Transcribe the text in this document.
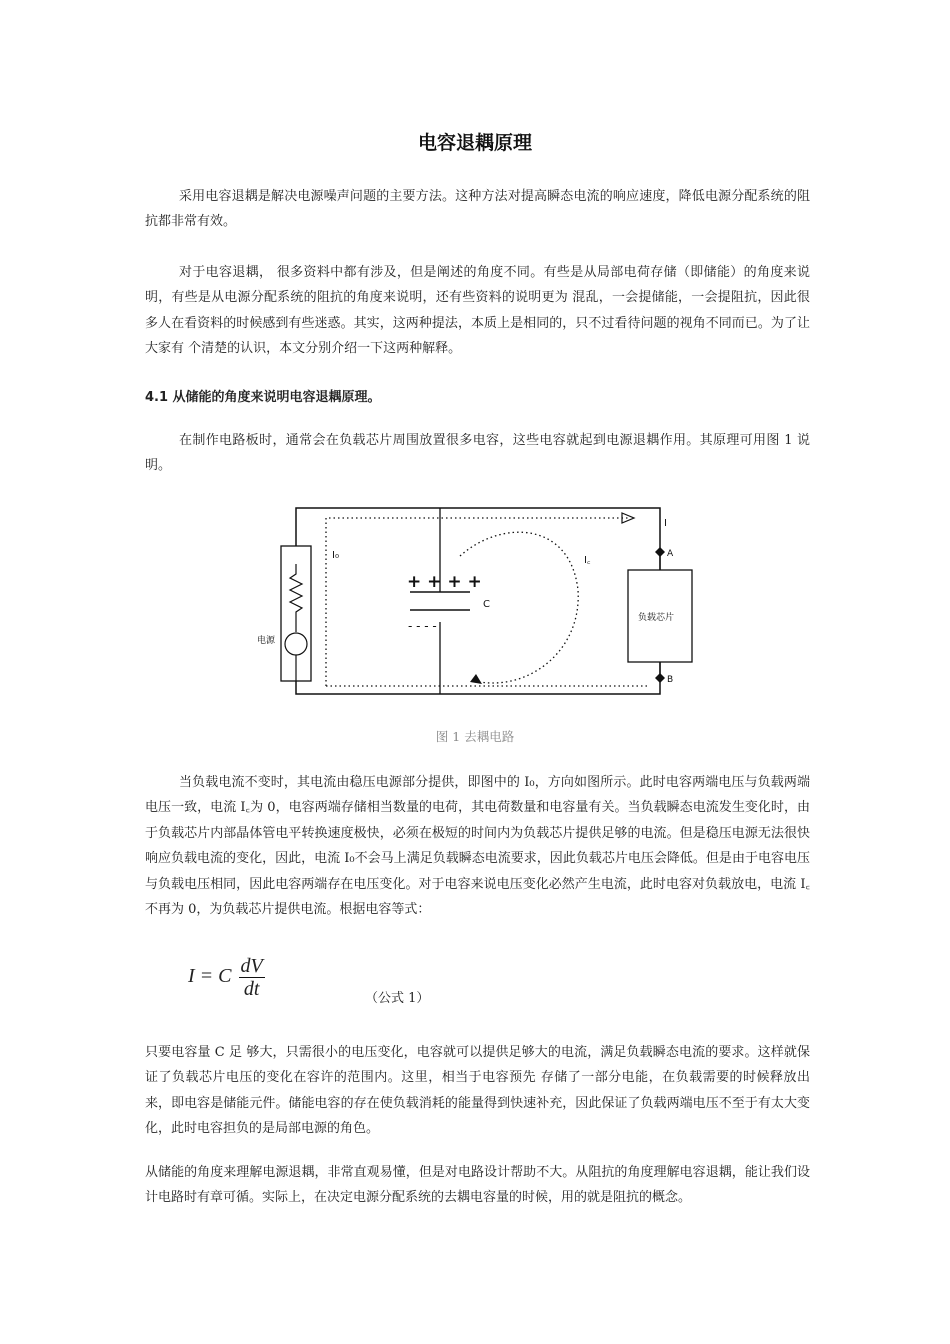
电容退耦原理

采用电容退耦是解决电源噪声问题的主要方法。这种方法对提高瞬态电流的响应速度，降低电源分配系统的阻抗都非常有效。

对于电容退耦， 很多资料中都有涉及，但是阐述的角度不同。有些是从局部电荷存储（即储能）的角度来说明，有些是从电源分配系统的阻抗的角度来说明，还有些资料的说明更为 混乱，一会提储能，一会提阻抗，因此很多人在看资料的时候感到有些迷惑。其实，这两种提法，本质上是相同的，只不过看待问题的视角不同而已。为了让大家有 个清楚的认识，本文分别介绍一下这两种解释。

4.1 从储能的角度来说明电容退耦原理。

在制作电路板时，通常会在负载芯片周围放置很多电容，这些电容就起到电源退耦作用。其原理可用图 1 说明。

电源
+ + + +
- - - -
C
I₀	I꜀
I
A
B
负载芯片
图 1 去耦电路

当负载电流不变时，其电流由稳压电源部分提供，即图中的 I₀，方向如图所示。此时电容两端电压与负载两端电压一致，电流 I꜀为 0，电容两端存储相当数量的电荷，其电荷数量和电容量有关。当负载瞬态电流发生变化时，由于负载芯片内部晶体管电平转换速度极快，必须在极短的时间内为负载芯片提供足够的电流。但是稳压电源无法很快响应负载电流的变化，因此，电流 I₀不会马上满足负载瞬态电流要求，因此负载芯片电压会降低。但是由于电容电压与负载电压相同，因此电容两端存在电压变化。对于电容来说电压变化必然产生电流，此时电容对负载放电，电流 I꜀不再为 0，为负载芯片提供电流。根据电容等式：

I = C $\frac{dV}{dt}$	（公式 1）

只要电容量 C 足 够大，只需很小的电压变化，电容就可以提供足够大的电流，满足负载瞬态电流的要求。这样就保证了负载芯片电压的变化在容许的范围内。这里，相当于电容预先 存储了一部分电能，在负载需要的时候释放出来，即电容是储能元件。储能电容的存在使负载消耗的能量得到快速补充，因此保证了负载两端电压不至于有太大变 化，此时电容担负的是局部电源的角色。

从储能的角度来理解电源退耦，非常直观易懂，但是对电路设计帮助不大。从阻抗的角度理解电容退耦，能让我们设计电路时有章可循。实际上，在决定电源分配系统的去耦电容量的时候，用的就是阻抗的概念。
